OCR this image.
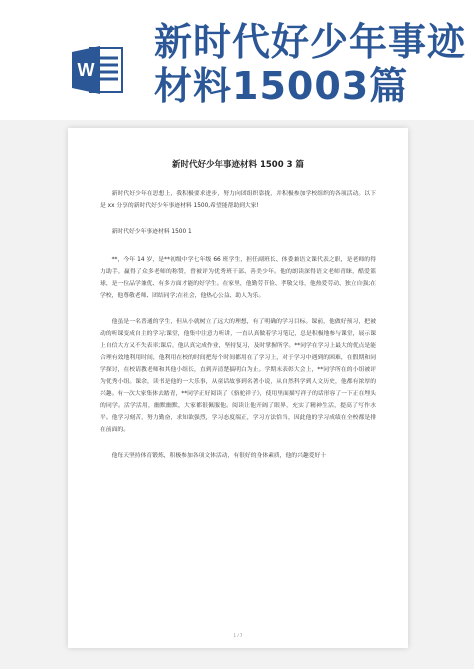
W
新时代好少年事迹
材料15003篇
新时代好少年事迹材料 1500 3 篇

新时代好少年在思想上，我积极要求进步，努力向团组织靠拢，并积极参加学校组织的各项活动。以下是 xx 分享的新时代好少年事迹材料 1500,希望能帮助到大家!

新时代好少年事迹材料 1500 1

**，今年 14 岁，是**初级中学七年级 66 班学生，担任副班长、体委兼语文课代表之职，是老师的得力助手，赢得了众多老师的称赞，曾被评为优秀班干部、善美少年。他的朗读深得语文老师青睐，酷爱篮球，是一位品学兼优、有多方面才能的好学生。在家里，他勤劳节俭、孝敬父母，他热爱劳动、独立自强;在学校，他尊敬老师、团结同学;在社会，他热心公益、助人为乐。

他虽是一名普通的学生，但从小就树立了远大的理想，有了明确的学习目标。课前，他做好预习，把被动的听课变成自主的学习;课堂，他集中注意力听讲，一直认真做着学习笔记，总是积极地参与课堂，展示课上自信大方又不失表率;课后，他认真完成作业，坚持复习，及时掌握所学。**同学在学习上最大的优点是能合理有效地利用时间，他利用在校的时间把每个时间都用在了学习上，对于学习中遇到的困难，在假期和同学探讨，在校请教老师和其他小组长，直到弄清楚搞明白为止。学期末表彰大会上，**同学所在的小组被评为优秀小组。课余，读书是他的一大乐事，从童话故事到名著小说，从自然科学到人文历史，他都有浓厚的兴趣。有一次大家集体去踏青，**同学正好阅读了《骆驼祥子》，使用里面描写祥子的话形容了一下正在埋头的同学。活学活用，幽默幽默，大家都很佩服他。阅读让他开阔了眼界，充实了精神生活，提高了写作水平。他学习刻苦，努力勤奋，求知欲强烈，学习态度端正，学习方法恰当，因此他的学习成绩在全校都是排在前面的。

他每天坚持体育锻炼，积极参加各项文体活动，有很好的身体素质，他的兴趣爱好十

1 / 7
